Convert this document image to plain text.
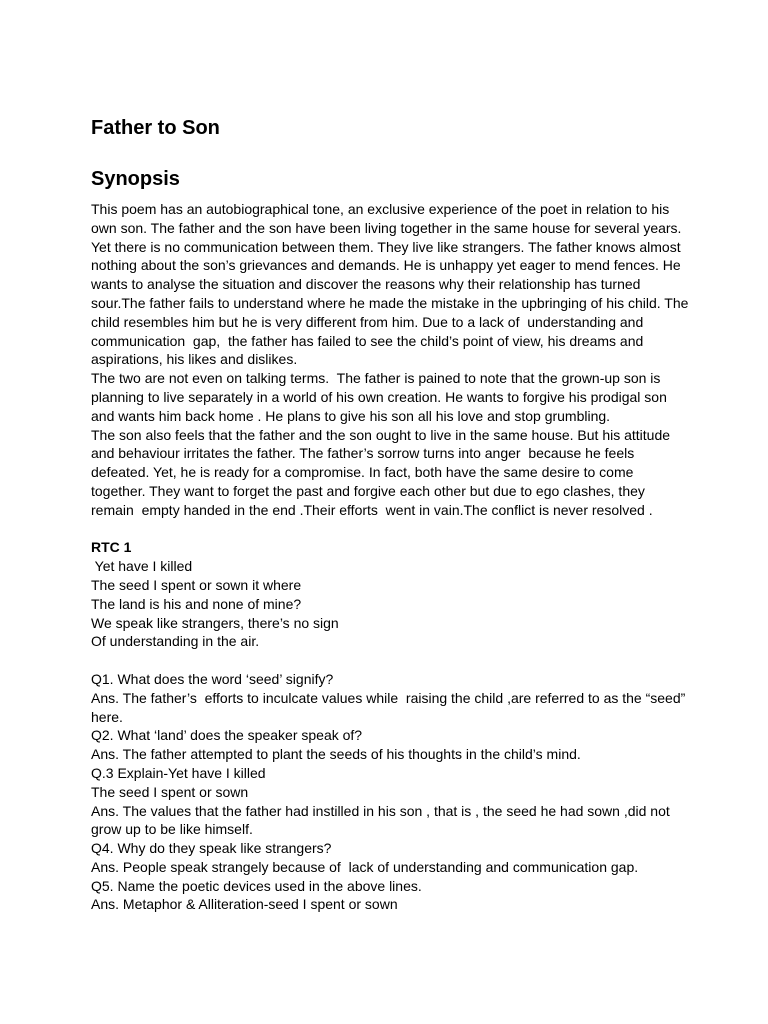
Father to Son
Synopsis

This poem has an autobiographical tone, an exclusive experience of the poet in relation to his own son. The father and the son have been living together in the same house for several years. Yet there is no communication between them. They live like strangers. The father knows almost nothing about the son’s grievances and demands. He is unhappy yet eager to mend fences. He wants to analyse the situation and discover the reasons why their relationship has turned sour.The father fails to understand where he made the mistake in the upbringing of his child. The child resembles him but he is very different from him. Due to a lack of  understanding and communication  gap,  the father has failed to see the child’s point of view, his dreams and aspirations, his likes and dislikes.

The two are not even on talking terms.  The father is pained to note that the grown-up son is planning to live separately in a world of his own creation. He wants to forgive his prodigal son and wants him back home . He plans to give his son all his love and stop grumbling.

The son also feels that the father and the son ought to live in the same house. But his attitude and behaviour irritates the father. The father’s sorrow turns into anger  because he feels defeated. Yet, he is ready for a compromise. In fact, both have the same desire to come together. They want to forget the past and forgive each other but due to ego clashes, they remain  empty handed in the end .Their efforts  went in vain.The conflict is never resolved .

RTC 1

Yet have I killed

The seed I spent or sown it where

The land is his and none of mine?

We speak like strangers, there’s no sign

Of understanding in the air.

Q1. What does the word ‘seed’ signify?

Ans. The father’s  efforts to inculcate values while  raising the child ,are referred to as the “seed” here.

Q2. What ‘land’ does the speaker speak of?

Ans. The father attempted to plant the seeds of his thoughts in the child’s mind.

Q.3 Explain-Yet have I killed

The seed I spent or sown

Ans. The values that the father had instilled in his son , that is , the seed he had sown ,did not grow up to be like himself.

Q4. Why do they speak like strangers?

Ans. People speak strangely because of  lack of understanding and communication gap.

Q5. Name the poetic devices used in the above lines.

Ans. Metaphor & Alliteration-seed I spent or sown
